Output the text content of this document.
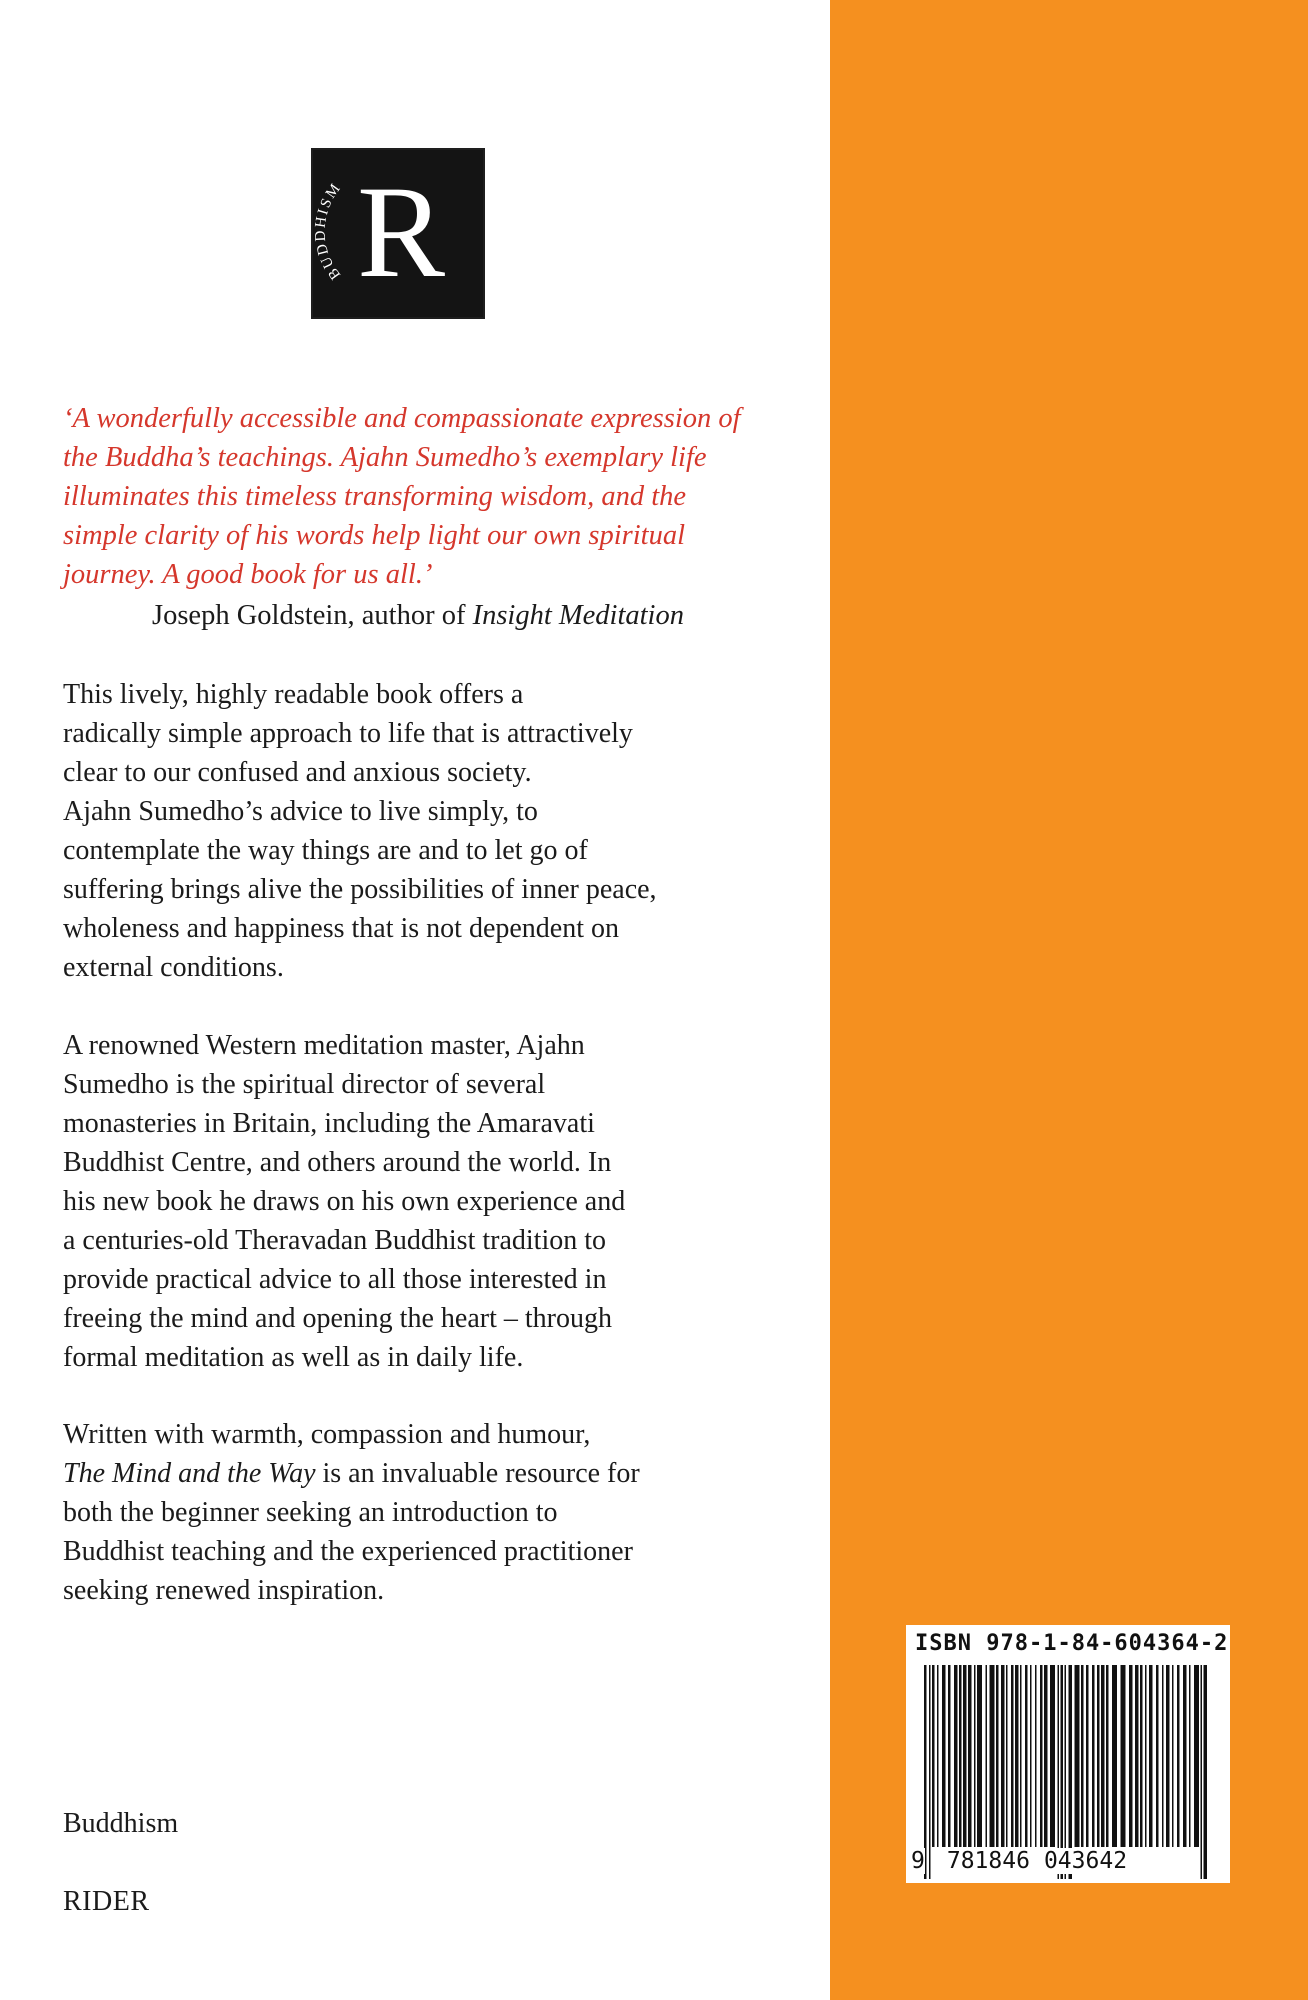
BUDDHISM R
‘A wonderfully accessible and compassionate expression of
the Buddha’s teachings. Ajahn Sumedho’s exemplary life
illuminates this timeless transforming wisdom, and the
simple clarity of his words help light our own spiritual
journey. A good book for us all.’
Joseph Goldstein, author of Insight Meditation
This lively, highly readable book offers a
radically simple approach to life that is attractively
clear to our confused and anxious society.
Ajahn Sumedho’s advice to live simply, to
contemplate the way things are and to let go of
suffering brings alive the possibilities of inner peace,
wholeness and happiness that is not dependent on
external conditions.
A renowned Western meditation master, Ajahn
Sumedho is the spiritual director of several
monasteries in Britain, including the Amaravati
Buddhist Centre, and others around the world. In
his new book he draws on his own experience and
a centuries-old Theravadan Buddhist tradition to
provide practical advice to all those interested in
freeing the mind and opening the heart – through
formal meditation as well as in daily life.
Written with warmth, compassion and humour,
The Mind and the Way is an invaluable resource for
both the beginner seeking an introduction to
Buddhist teaching and the experienced practitioner
seeking renewed inspiration.

Buddhism

RIDER

ISBN 978-1-84-604364-2

9 781846 043642
